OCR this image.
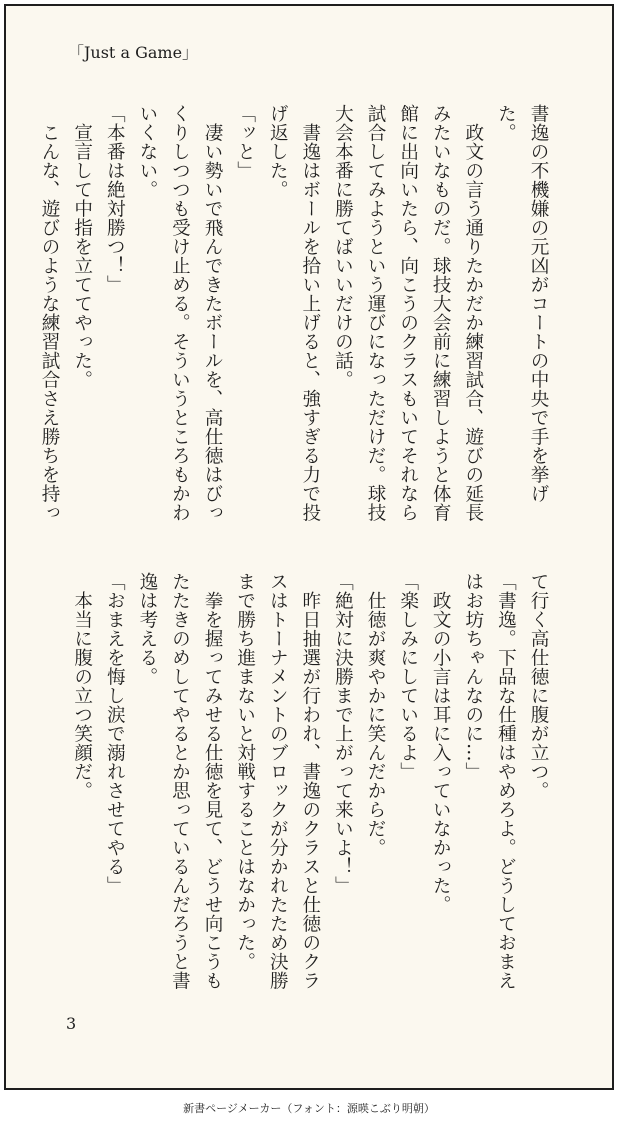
「Just a Game」
書逸の不機嫌の元凶がコートの中央で手を挙げ
た。
　政文の言う通りたかだか練習試合、遊びの延長
みたいなものだ。球技大会前に練習しようと体育
館に出向いたら、向こうのクラスもいてそれなら
試合してみようという運びになっただけだ。球技
大会本番に勝てばいいだけの話。
　書逸はボールを拾い上げると、強すぎる力で投
げ返した。
「ッと」
　凄い勢いで飛んできたボールを、高仕徳はびっ
くりしつつも受け止める。そういうところもかわ
いくない。
「本番は絶対勝つ！」
　宣言して中指を立ててやった。
　こんな、遊びのような練習試合さえ勝ちを持っ
て行く高仕徳に腹が立つ。
「書逸。下品な仕種はやめろよ。どうしておまえ
はお坊ちゃんなのに…」
　政文の小言は耳に入っていなかった。
「楽しみにしているよ」
　仕徳が爽やかに笑んだからだ。
「絶対に決勝まで上がって来いよ！」
　昨日抽選が行われ、書逸のクラスと仕徳のクラ
スはトーナメントのブロックが分かれたため決勝
まで勝ち進まないと対戦することはなかった。
　拳を握ってみせる仕徳を見て、どうせ向こうも
たたきのめしてやるとか思っているんだろうと書
逸は考える。
「おまえを悔し涙で溺れさせてやる」
　本当に腹の立つ笑顔だ。
3
新書ページメーカー（フォント：源暎こぶり明朝）
